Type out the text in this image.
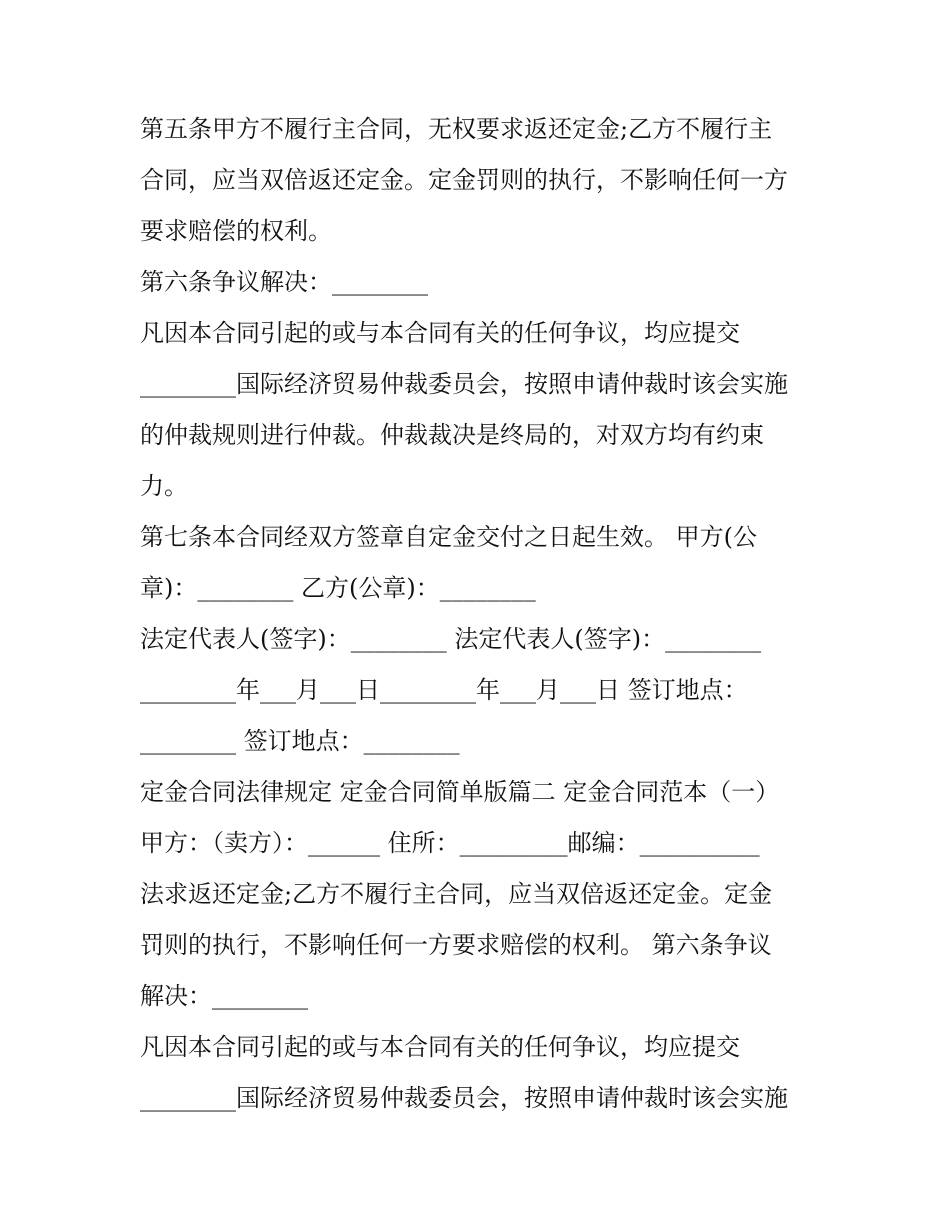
第五条甲方不履行主合同，无权要求返还定金;乙方不履行主
合同，应当双倍返还定金。定金罚则的执行，不影响任何一方
要求赔偿的权利。
第六条争议解决：________
凡因本合同引起的或与本合同有关的任何争议，均应提交
________国际经济贸易仲裁委员会，按照申请仲裁时该会实施
的仲裁规则进行仲裁。仲裁裁决是终局的，对双方均有约束
力。
第七条本合同经双方签章自定金交付之日起生效。 甲方(公
章)：________ 乙方(公章)：________
法定代表人(签字)：________ 法定代表人(签字)：________
________年___月___日________年___月___日 签订地点：
________ 签订地点：________
定金合同法律规定 定金合同简单版篇二 定金合同范本（一）
甲方：（卖方）：______ 住所：_________邮编：__________
法求返还定金;乙方不履行主合同，应当双倍返还定金。定金
罚则的执行，不影响任何一方要求赔偿的权利。 第六条争议
解决：________
凡因本合同引起的或与本合同有关的任何争议，均应提交
________国际经济贸易仲裁委员会，按照申请仲裁时该会实施
